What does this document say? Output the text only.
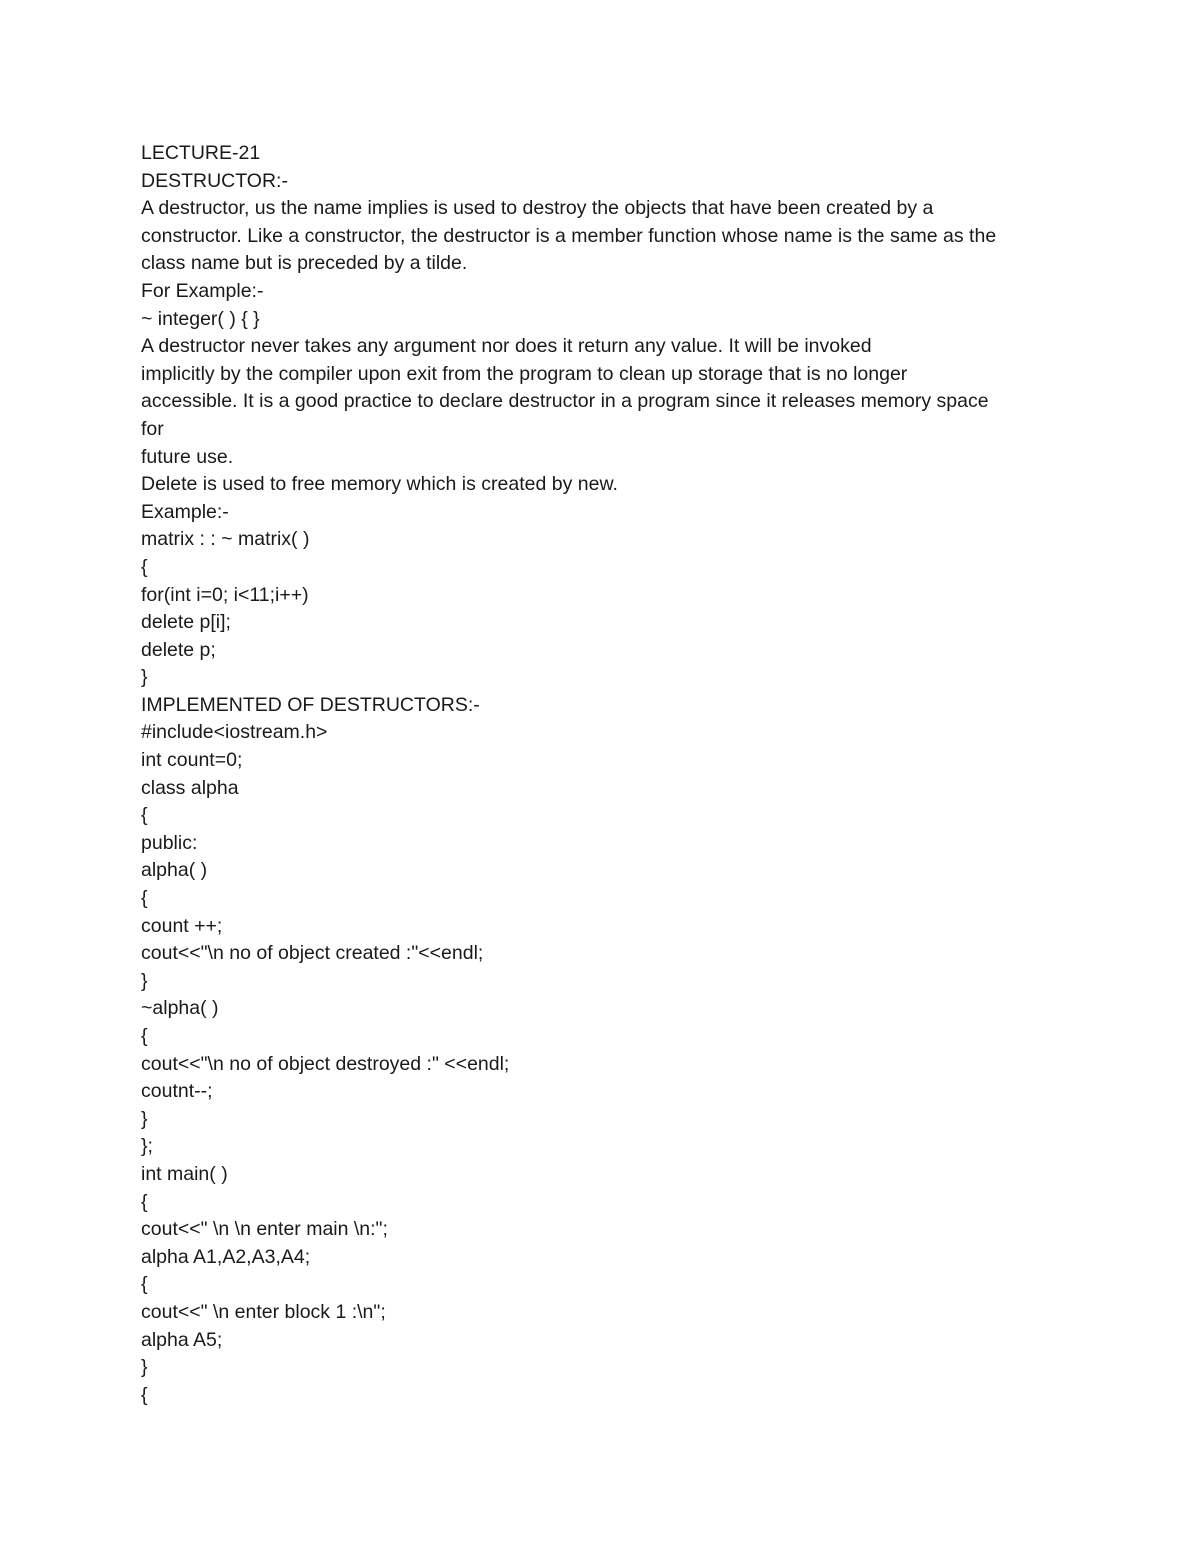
LECTURE-21
DESTRUCTOR:-
A destructor, us the name implies is used to destroy the objects that have been created by a
constructor. Like a constructor, the destructor is a member function whose name is the same as the
class name but is preceded by a tilde.
For Example:-
~ integer( ) { }
A destructor never takes any argument nor does it return any value. It will be invoked
implicitly by the compiler upon exit from the program to clean up storage that is no longer
accessible. It is a good practice to declare destructor in a program since it releases memory space
for
future use.
Delete is used to free memory which is created by new.
Example:-
matrix : : ~ matrix( )
{
for(int i=0; i<11;i++)
delete p[i];
delete p;
}
IMPLEMENTED OF DESTRUCTORS:-
#include<iostream.h>
int count=0;
class alpha
{
public:
alpha( )
{
count ++;
cout<<"\n no of object created :"<<endl;
}
~alpha( )
{
cout<<"\n no of object destroyed :" <<endl;
coutnt--;
}
};
int main( )
{
cout<<" \n \n enter main \n:";
alpha A1,A2,A3,A4;
{
cout<<" \n enter block 1 :\n";
alpha A5;
}
{
